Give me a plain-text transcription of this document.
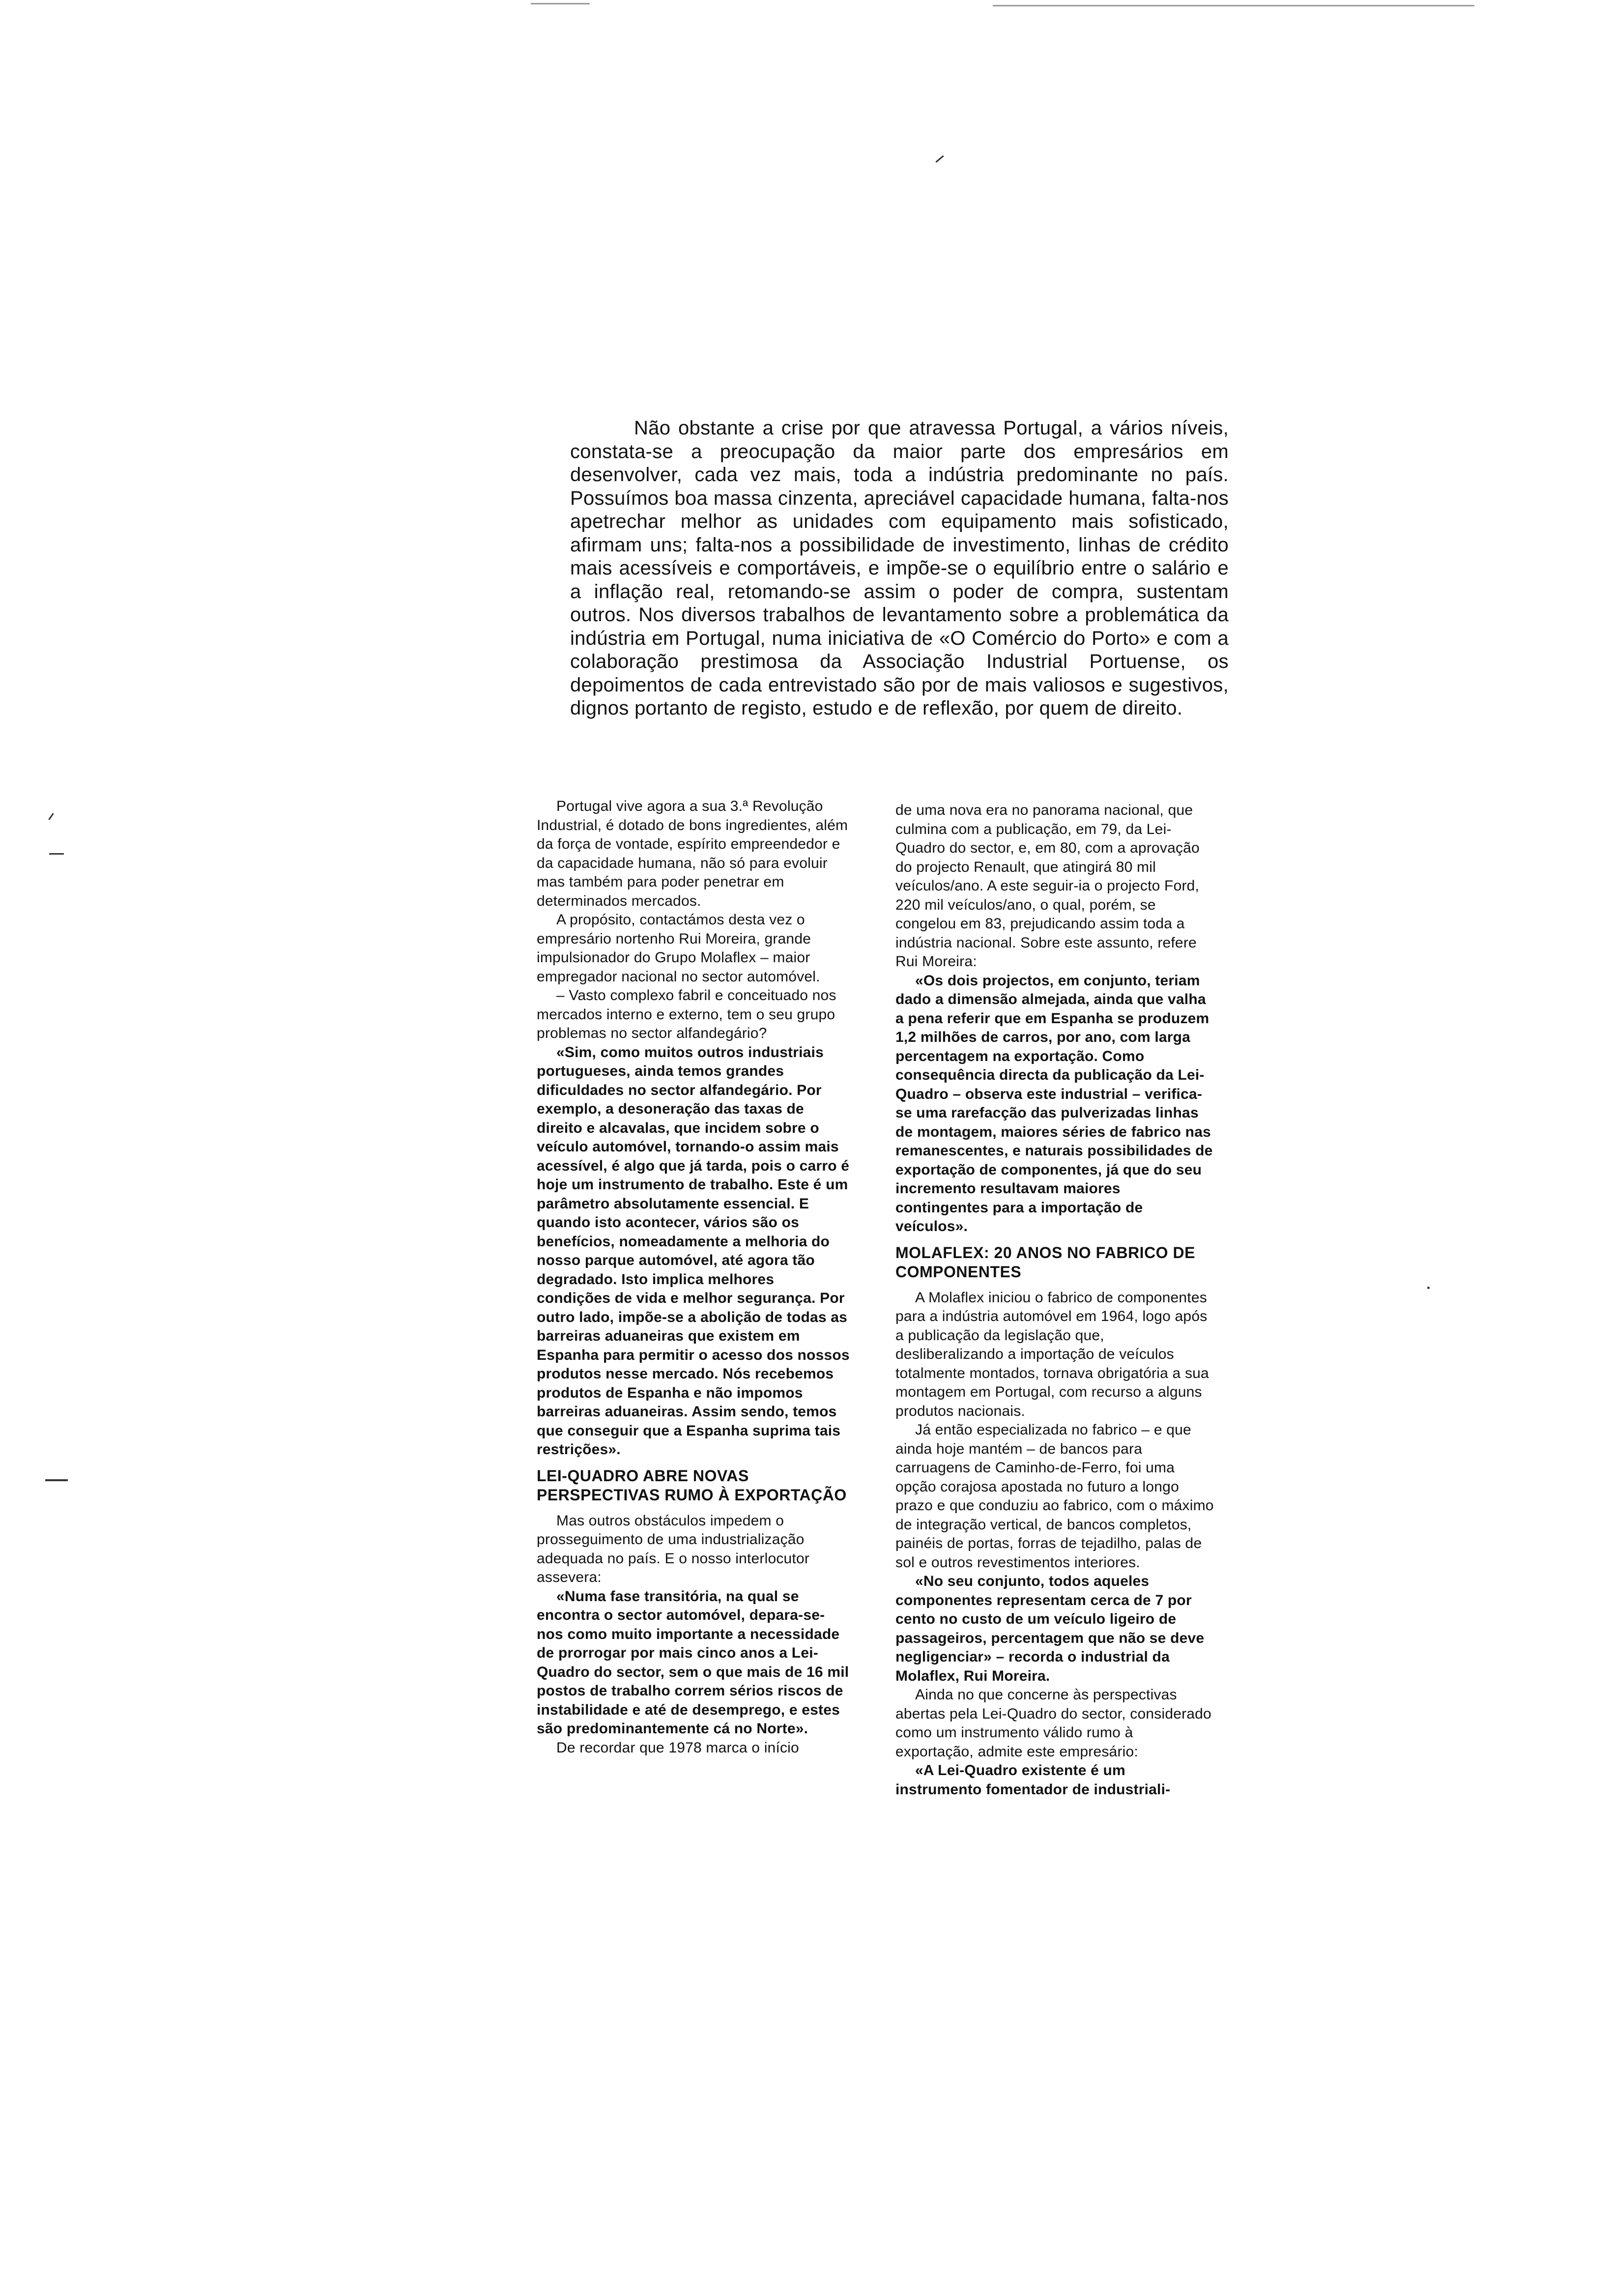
Não obstante a crise por que atravessa Portugal, a vários níveis, constata-se a preocupação da maior parte dos empresários em desenvolver, cada vez mais, toda a indústria predominante no país. Possuímos boa massa cinzenta, apreciável capacidade humana, falta-nos apetrechar melhor as unidades com equipamento mais sofisticado, afirmam uns; falta-nos a possibilidade de investimento, linhas de crédito mais acessíveis e comportáveis, e impõe-se o equilíbrio entre o salário e a inflação real, retomando-se assim o poder de compra, sustentam outros. Nos diversos trabalhos de levantamento sobre a problemática da indústria em Portugal, numa iniciativa de «O Comércio do Porto» e com a colaboração prestimosa da Associação Industrial Portuense, os depoimentos de cada entrevistado são por de mais valiosos e sugestivos, dignos portanto de registo, estudo e de reflexão, por quem de direito.

Portugal vive agora a sua 3.ª Revolução Industrial, é dotado de bons ingredientes, além da força de vontade, espírito empreendedor e da capacidade humana, não só para evoluir mas também para poder penetrar em determinados mercados.

A propósito, contactámos desta vez o empresário nortenho Rui Moreira, grande impulsionador do Grupo Molaflex – maior empregador nacional no sector automóvel.

– Vasto complexo fabril e conceituado nos mercados interno e externo, tem o seu grupo problemas no sector alfandegário?

«Sim, como muitos outros industriais portugueses, ainda temos grandes dificuldades no sector alfandegário. Por exemplo, a desoneração das taxas de direito e alcavalas, que incidem sobre o veículo automóvel, tornando-o assim mais acessível, é algo que já tarda, pois o carro é hoje um instrumento de trabalho. Este é um parâmetro absolutamente essencial. E quando isto acontecer, vários são os benefícios, nomeadamente a melhoria do nosso parque automóvel, até agora tão degradado. Isto implica melhores condições de vida e melhor segurança. Por outro lado, impõe-se a abolição de todas as barreiras aduaneiras que existem em Espanha para permitir o acesso dos nossos produtos nesse mercado. Nós recebemos produtos de Espanha e não impomos barreiras aduaneiras. Assim sendo, temos que conseguir que a Espanha suprima tais restrições».

LEI-QUADRO ABRE NOVAS PERSPECTIVAS RUMO À EXPORTAÇÃO

Mas outros obstáculos impedem o prosseguimento de uma industrialização adequada no país. E o nosso interlocutor assevera:

«Numa fase transitória, na qual se encontra o sector automóvel, depara-se-nos como muito importante a necessidade de prorrogar por mais cinco anos a Lei-Quadro do sector, sem o que mais de 16 mil postos de trabalho correm sérios riscos de instabilidade e até de desemprego, e estes são predominantemente cá no Norte».

De recordar que 1978 marca o início

de uma nova era no panorama nacional, que culmina com a publicação, em 79, da Lei-Quadro do sector, e, em 80, com a aprovação do projecto Renault, que atingirá 80 mil veículos/ano. A este seguir-ia o projecto Ford, 220 mil veículos/ano, o qual, porém, se congelou em 83, prejudicando assim toda a indústria nacional. Sobre este assunto, refere Rui Moreira:

«Os dois projectos, em conjunto, teriam dado a dimensão almejada, ainda que valha a pena referir que em Espanha se produzem 1,2 milhões de carros, por ano, com larga percentagem na exportação. Como consequência directa da publicação da Lei-Quadro – observa este industrial – verifica-se uma rarefacção das pulverizadas linhas de montagem, maiores séries de fabrico nas remanescentes, e naturais possibilidades de exportação de componentes, já que do seu incremento resultavam maiores contingentes para a importação de veículos».

MOLAFLEX: 20 ANOS NO FABRICO DE COMPONENTES

A Molaflex iniciou o fabrico de componentes para a indústria automóvel em 1964, logo após a publicação da legislação que, desliberalizando a importação de veículos totalmente montados, tornava obrigatória a sua montagem em Portugal, com recurso a alguns produtos nacionais.

Já então especializada no fabrico – e que ainda hoje mantém – de bancos para carruagens de Caminho-de-Ferro, foi uma opção corajosa apostada no futuro a longo prazo e que conduziu ao fabrico, com o máximo de integração vertical, de bancos completos, painéis de portas, forras de tejadilho, palas de sol e outros revestimentos interiores.

«No seu conjunto, todos aqueles componentes representam cerca de 7 por cento no custo de um veículo ligeiro de passageiros, percentagem que não se deve negligenciar» – recorda o industrial da Molaflex, Rui Moreira.

Ainda no que concerne às perspectivas abertas pela Lei-Quadro do sector, considerado como um instrumento válido rumo à exportação, admite este empresário:

«A Lei-Quadro existente é um instrumento fomentador de industriali-
